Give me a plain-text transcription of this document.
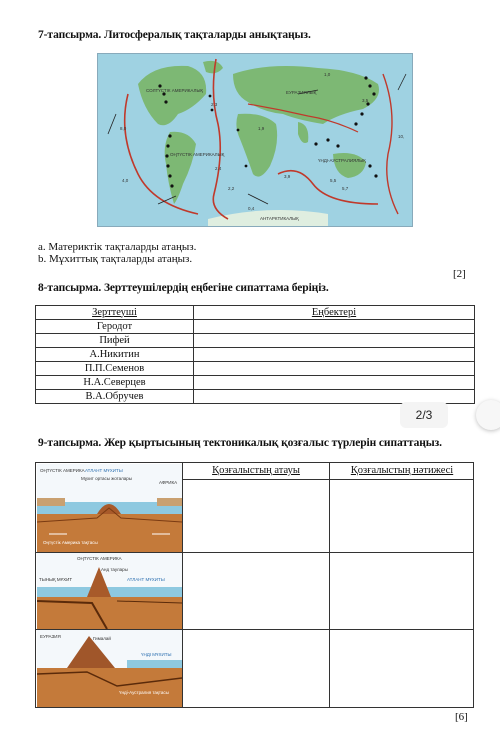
7-тапсырма. Литосфералық тақталарды анықтаңыз.
СОЛТҮСТІК АМЕРИКАЛЫҚ	ЕУРАЗИЯЛЫҚ
ОҢТҮСТІК АМЕРИКАЛЫҚ
ҮНДІ-АУСТРАЛИЯЛЫҚ
АНТАРКТИКАЛЫҚ
1,0
2,3
8,0	1,9
2,4
3,5
4,0	5,5
5,7
10,
0,4
3,9
2,2
a. Материктік тақталарды атаңыз.
b. Мұхиттық тақталарды атаңыз.
[2]
8-тапсырма. Зерттеушілердің еңбегіне сипаттама беріңіз.
Зерттеуші	Еңбектері
Геродот	
Пифей	
А.Никитин	
П.П.Семенов	
Н.А.Северцев	
В.А.Обручев	
2/3
9-тапсырма. Жер қыртысының тектоникалық қозғалыс түрлерін сипаттаңыз.
Қозғалыстың атауы	Қозғалыстың нәтижесі
ОҢТҮСТІК АМЕРИКА АТЛАНТ МҰХИТЫ
Мұхит ортасы жоталары
АФРИКА
Оңтүстік Америка тақтасы
ОҢТҮСТІК АМЕРИКА
ТЫНЫҚ МҰХИТ	АТЛАНТ МҰХИТЫ
Анд таулары
ЕУРАЗИЯ	Гималай
ҮНДІ МҰХИТЫ
Үнді-Аустралия тақтасы
[6]
